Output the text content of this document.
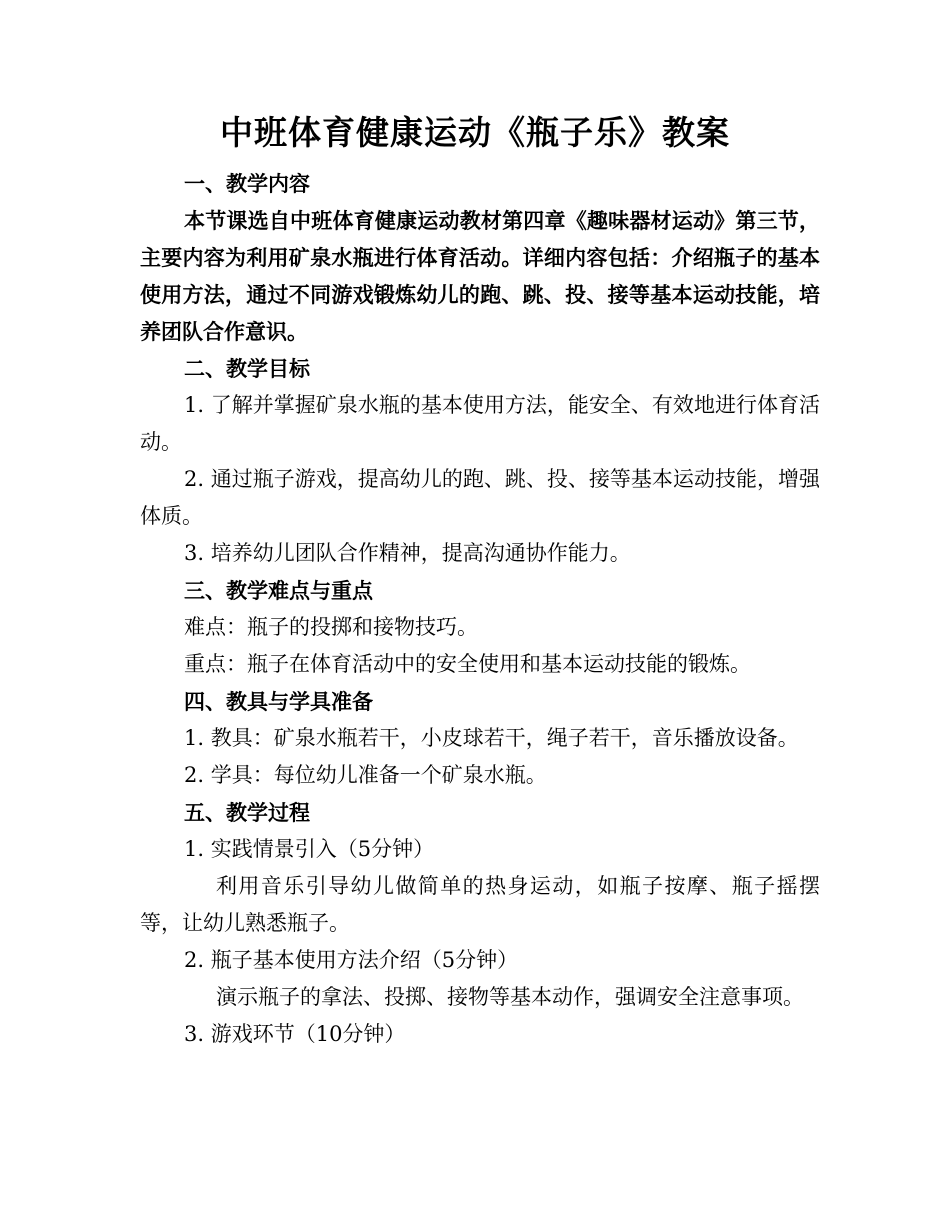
中班体育健康运动《瓶子乐》教案

一、教学内容

本节课选自中班体育健康运动教材第四章《趣味器材运动》第三节，主要内容为利用矿泉水瓶进行体育活动。详细内容包括：介绍瓶子的基本使用方法，通过不同游戏锻炼幼儿的跑、跳、投、接等基本运动技能，培养团队合作意识。

二、教学目标

1. 了解并掌握矿泉水瓶的基本使用方法，能安全、有效地进行体育活动。

2. 通过瓶子游戏，提高幼儿的跑、跳、投、接等基本运动技能，增强体质。

3. 培养幼儿团队合作精神，提高沟通协作能力。

三、教学难点与重点

难点：瓶子的投掷和接物技巧。

重点：瓶子在体育活动中的安全使用和基本运动技能的锻炼。

四、教具与学具准备

1. 教具：矿泉水瓶若干，小皮球若干，绳子若干，音乐播放设备。

2. 学具：每位幼儿准备一个矿泉水瓶。

五、教学过程

1. 实践情景引入（5分钟）

利用音乐引导幼儿做简单的热身运动，如瓶子按摩、瓶子摇摆等，让幼儿熟悉瓶子。

2. 瓶子基本使用方法介绍（5分钟）

演示瓶子的拿法、投掷、接物等基本动作，强调安全注意事项。

3. 游戏环节（10分钟）
